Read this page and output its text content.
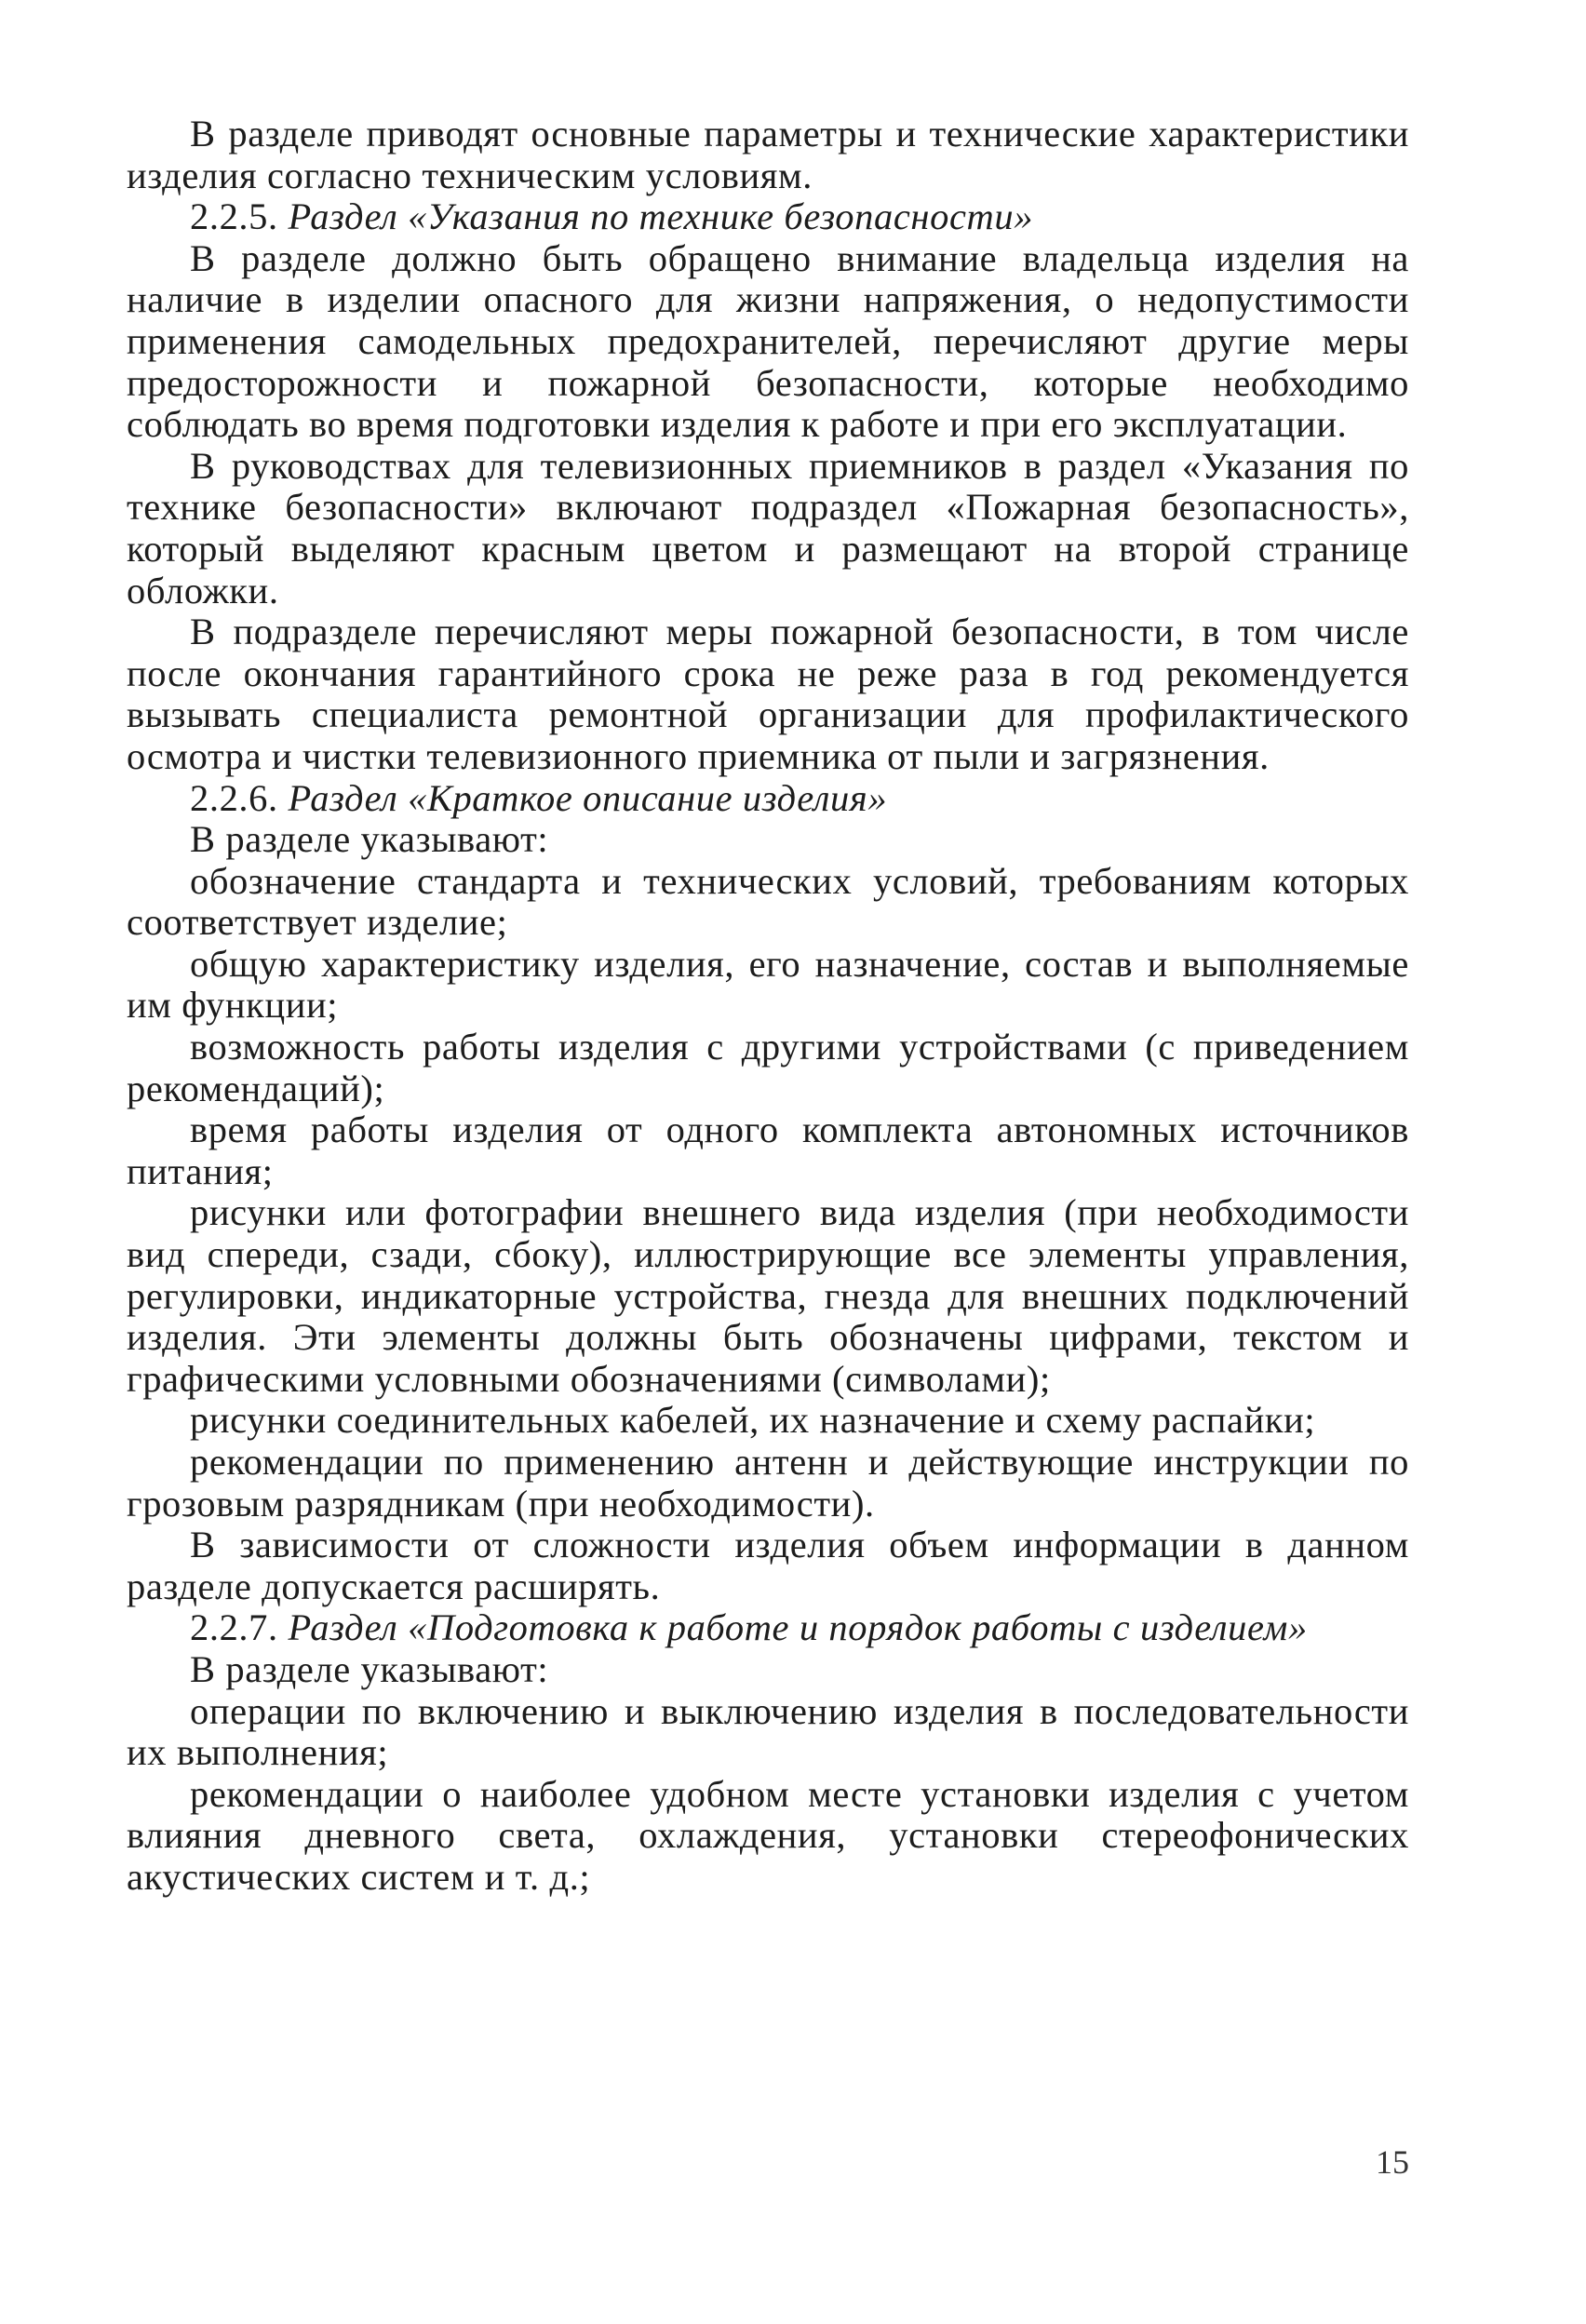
В разделе приводят основные параметры и технические характеристики изделия согласно техническим условиям.

2.2.5. Раздел «Указания по технике безопасности»

В разделе должно быть обращено внимание владельца изделия на наличие в изделии опасного для жизни напряжения, о недопустимости применения самодельных предохранителей, перечисляют другие меры предосторожности и пожарной безопасности, которые необходимо соблюдать во время подготовки изделия к работе и при его эксплуатации.

В руководствах для телевизионных приемников в раздел «Указания по технике безопасности» включают подраздел «Пожарная безопасность», который выделяют красным цветом и размещают на второй странице обложки.

В подразделе перечисляют меры пожарной безопасности, в том числе после окончания гарантийного срока не реже раза в год рекомендуется вызывать специалиста ремонтной организации для профилактического осмотра и чистки телевизионного приемника от пыли и загрязнения.

2.2.6. Раздел «Краткое описание изделия»

В разделе указывают:

обозначение стандарта и технических условий, требованиям которых соответствует изделие;

общую характеристику изделия, его назначение, состав и выполняемые им функции;

возможность работы изделия с другими устройствами (с приведением рекомендаций);

время работы изделия от одного комплекта автономных источников питания;

рисунки или фотографии внешнего вида изделия (при необходимости вид спереди, сзади, сбоку), иллюстрирующие все элементы управления, регулировки, индикаторные устройства, гнезда для внешних подключений изделия. Эти элементы должны быть обозначены цифрами, текстом и графическими условными обозначениями (символами);

рисунки соединительных кабелей, их назначение и схему распайки;

рекомендации по применению антенн и действующие инструкции по грозовым разрядникам (при необходимости).

В зависимости от сложности изделия объем информации в данном разделе допускается расширять.

2.2.7. Раздел «Подготовка к работе и порядок работы с изделием»

В разделе указывают:

операции по включению и выключению изделия в последовательности их выполнения;

рекомендации о наиболее удобном месте установки изделия с учетом влияния дневного света, охлаждения, установки стереофонических акустических систем и т. д.;

15
